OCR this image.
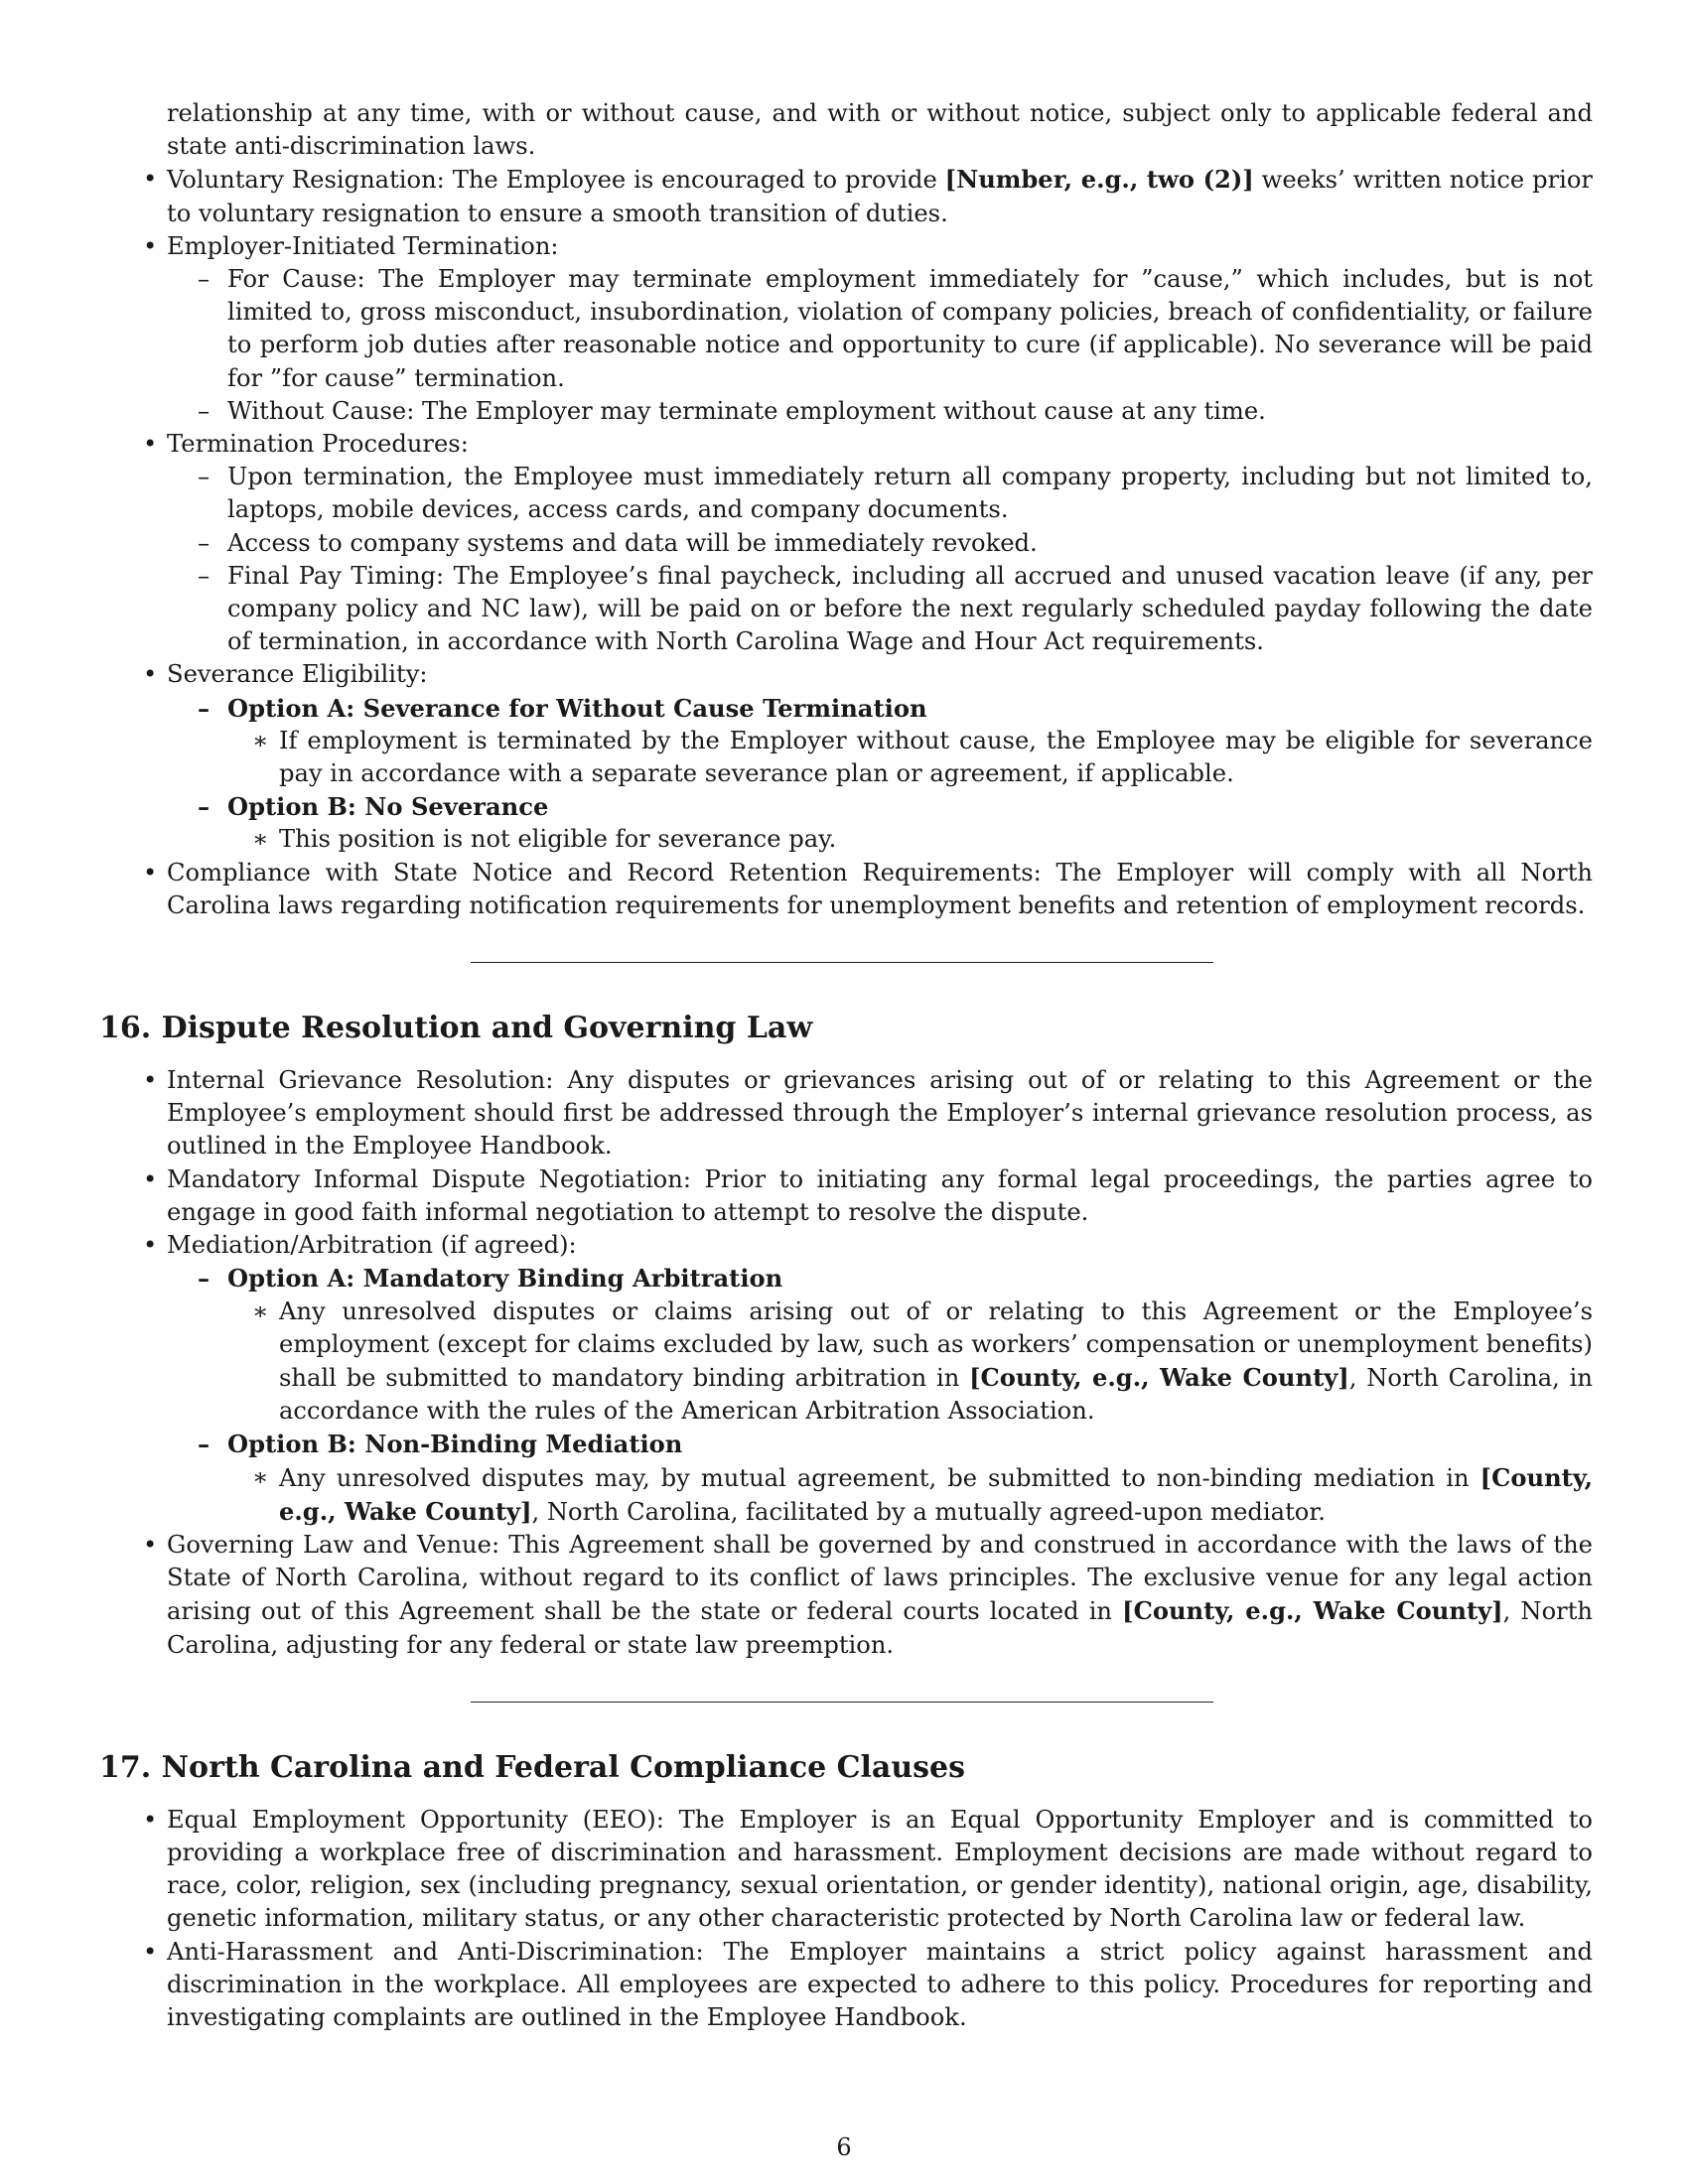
relationship at any time, with or without cause, and with or without notice, subject only to applicable federal and state anti-discrimination laws.
• Voluntary Resignation: The Employee is encouraged to provide [Number, e.g., two (2)] weeks’ written notice prior to voluntary resignation to ensure a smooth transition of duties.
• Employer-Initiated Termination:
– For Cause: The Employer may terminate employment immediately for ”cause,” which includes, but is not limited to, gross misconduct, insubordination, violation of company policies, breach of confidentiality, or failure to perform job duties after reasonable notice and opportunity to cure (if applicable). No severance will be paid for ”for cause” termination.
– Without Cause: The Employer may terminate employment without cause at any time.
• Termination Procedures:
– Upon termination, the Employee must immediately return all company property, including but not limited to, laptops, mobile devices, access cards, and company documents.
– Access to company systems and data will be immediately revoked.
– Final Pay Timing: The Employee’s final paycheck, including all accrued and unused vacation leave (if any, per company policy and NC law), will be paid on or before the next regularly scheduled payday following the date of termination, in accordance with North Carolina Wage and Hour Act requirements.
• Severance Eligibility:
– Option A: Severance for Without Cause Termination
∗ If employment is terminated by the Employer without cause, the Employee may be eligible for severance pay in accordance with a separate severance plan or agreement, if applicable.
– Option B: No Severance
∗ This position is not eligible for severance pay.
• Compliance with State Notice and Record Retention Requirements: The Employer will comply with all North Carolina laws regarding notification requirements for unemployment benefits and retention of employment records.
16. Dispute Resolution and Governing Law
• Internal Grievance Resolution: Any disputes or grievances arising out of or relating to this Agreement or the Employee’s employment should first be addressed through the Employer’s internal grievance resolution process, as outlined in the Employee Handbook.
• Mandatory Informal Dispute Negotiation: Prior to initiating any formal legal proceedings, the parties agree to engage in good faith informal negotiation to attempt to resolve the dispute.
• Mediation/Arbitration (if agreed):
– Option A: Mandatory Binding Arbitration
∗ Any unresolved disputes or claims arising out of or relating to this Agreement or the Employee’s employment (except for claims excluded by law, such as workers’ compensation or unemployment benefits) shall be submitted to mandatory binding arbitration in [County, e.g., Wake County], North Carolina, in accordance with the rules of the American Arbitration Association.
– Option B: Non-Binding Mediation
∗ Any unresolved disputes may, by mutual agreement, be submitted to non-binding mediation in [County, e.g., Wake County], North Carolina, facilitated by a mutually agreed-upon mediator.
• Governing Law and Venue: This Agreement shall be governed by and construed in accordance with the laws of the State of North Carolina, without regard to its conflict of laws principles. The exclusive venue for any legal action arising out of this Agreement shall be the state or federal courts located in [County, e.g., Wake County], North Carolina, adjusting for any federal or state law preemption.
17. North Carolina and Federal Compliance Clauses
• Equal Employment Opportunity (EEO): The Employer is an Equal Opportunity Employer and is committed to providing a workplace free of discrimination and harassment. Employment decisions are made without regard to race, color, religion, sex (including pregnancy, sexual orientation, or gender identity), national origin, age, disability, genetic information, military status, or any other characteristic protected by North Carolina law or federal law.
• Anti-Harassment and Anti-Discrimination: The Employer maintains a strict policy against harassment and discrimination in the workplace. All employees are expected to adhere to this policy. Procedures for reporting and investigating complaints are outlined in the Employee Handbook.
6
